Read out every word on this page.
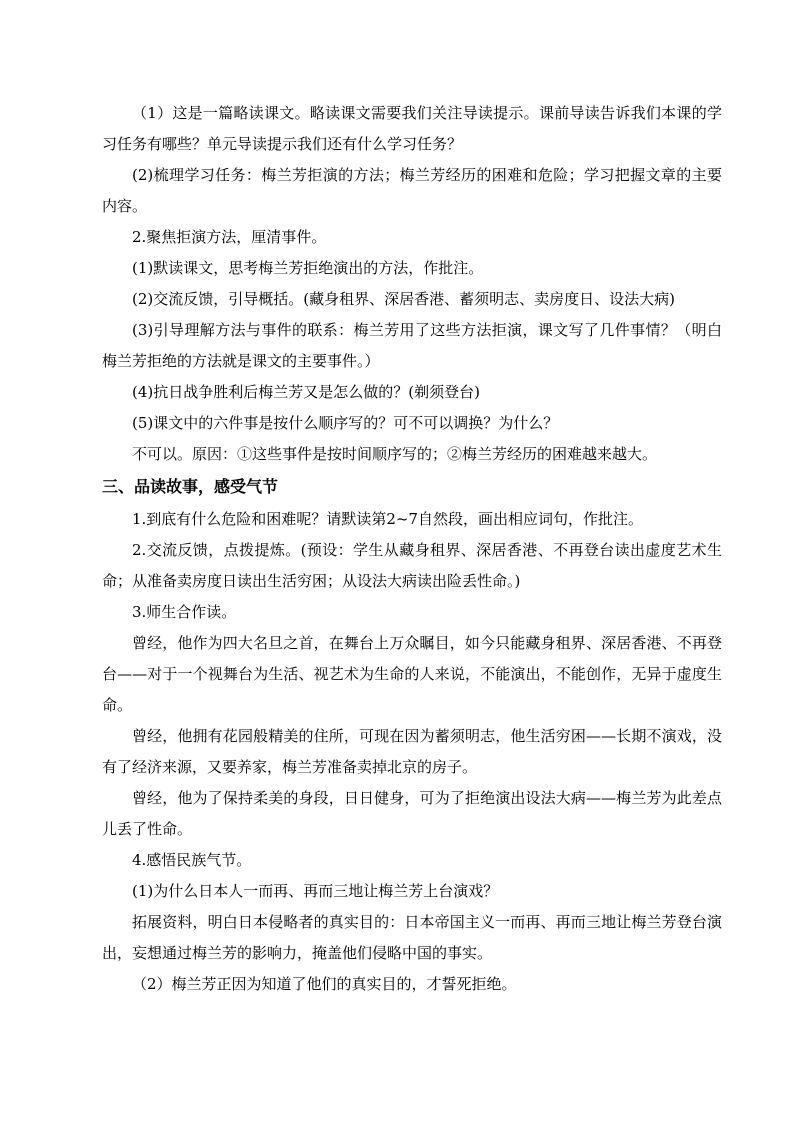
（1）这是一篇略读课文。略读课文需要我们关注导读提示。课前导读告诉我们本课的学习任务有哪些？单元导读提示我们还有什么学习任务？

(2)梳理学习任务：梅兰芳拒演的方法；梅兰芳经历的困难和危险；学习把握文章的主要内容。

2.聚焦拒演方法，厘清事件。

(1)默读课文，思考梅兰芳拒绝演出的方法，作批注。

(2)交流反馈，引导概括。(藏身租界、深居香港、蓄须明志、卖房度日、设法大病)

(3)引导理解方法与事件的联系：梅兰芳用了这些方法拒演，课文写了几件事情？（明白梅兰芳拒绝的方法就是课文的主要事件。）

(4)抗日战争胜利后梅兰芳又是怎么做的？(剃须登台)

(5)课文中的六件事是按什么顺序写的？可不可以调换？为什么？

不可以。原因：①这些事件是按时间顺序写的；②梅兰芳经历的困难越来越大。

三、品读故事，感受气节

1.到底有什么危险和困难呢？请默读第2~7自然段，画出相应词句，作批注。

2.交流反馈，点拨提炼。(预设：学生从藏身租界、深居香港、不再登台读出虚度艺术生命；从准备卖房度日读出生活穷困；从设法大病读出险丢性命。)

3.师生合作读。

曾经，他作为四大名旦之首，在舞台上万众瞩目，如今只能藏身租界、深居香港、不再登台——对于一个视舞台为生活、视艺术为生命的人来说，不能演出，不能创作，无异于虚度生命。

曾经，他拥有花园般精美的住所，可现在因为蓄须明志，他生活穷困——长期不演戏，没有了经济来源，又要养家，梅兰芳准备卖掉北京的房子。

曾经，他为了保持柔美的身段，日日健身，可为了拒绝演出设法大病——梅兰芳为此差点儿丢了性命。

4.感悟民族气节。

(1)为什么日本人一而再、再而三地让梅兰芳上台演戏？

拓展资料，明白日本侵略者的真实目的：日本帝国主义一而再、再而三地让梅兰芳登台演出，妄想通过梅兰芳的影响力，掩盖他们侵略中国的事实。

（2）梅兰芳正因为知道了他们的真实目的，才誓死拒绝。
